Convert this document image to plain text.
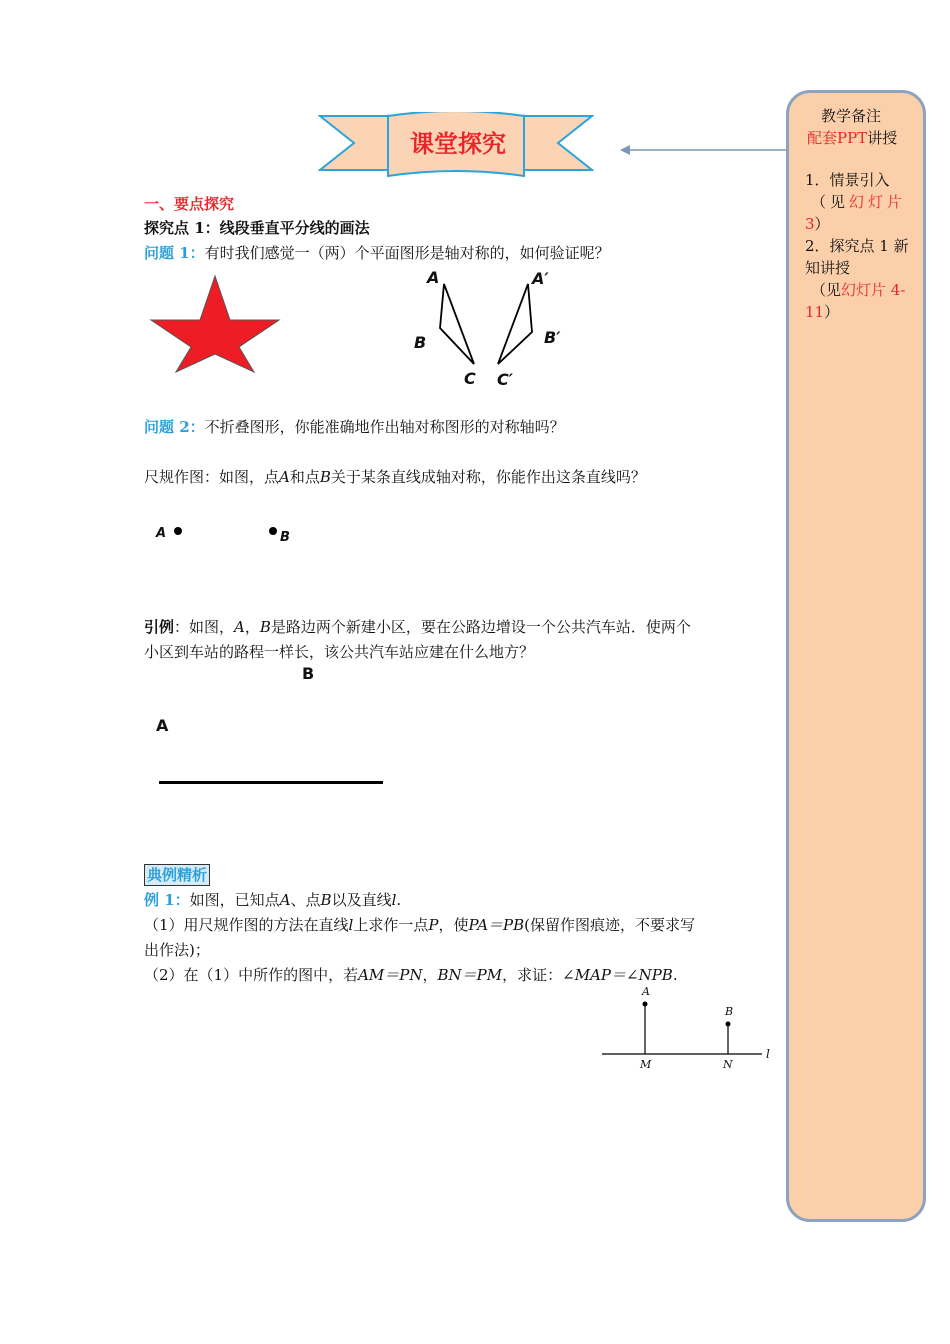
课堂探究
教学备注
配套PPT讲授
1．情景引入
（见幻灯片
3）
2．探究点 1 新
知讲授
（见幻灯片 4-
11）
一、要点探究
探究点 1：线段垂直平分线的画法
问题 1：有时我们感觉一（两）个平面图形是轴对称的，如何验证呢？
A
B
C
A′
B′
C′
问题 2：不折叠图形，你能准确地作出轴对称图形的对称轴吗？
尺规作图：如图，点A和点B关于某条直线成轴对称，你能作出这条直线吗？
A	B
引例：如图，A，B是路边两个新建小区，要在公路边增设一个公共汽车站．使两个
小区到车站的路程一样长，该公共汽车站应建在什么地方？
B
A
典例精析
例 1：如图，已知点A、点B以及直线l.
（1）用尺规作图的方法在直线l上求作一点P，使PA＝PB(保留作图痕迹，不要求写
出作法)；
（2）在（1）中所作的图中，若AM＝PN，BN＝PM，求证：∠MAP＝∠NPB.
A
B
M	N
l
